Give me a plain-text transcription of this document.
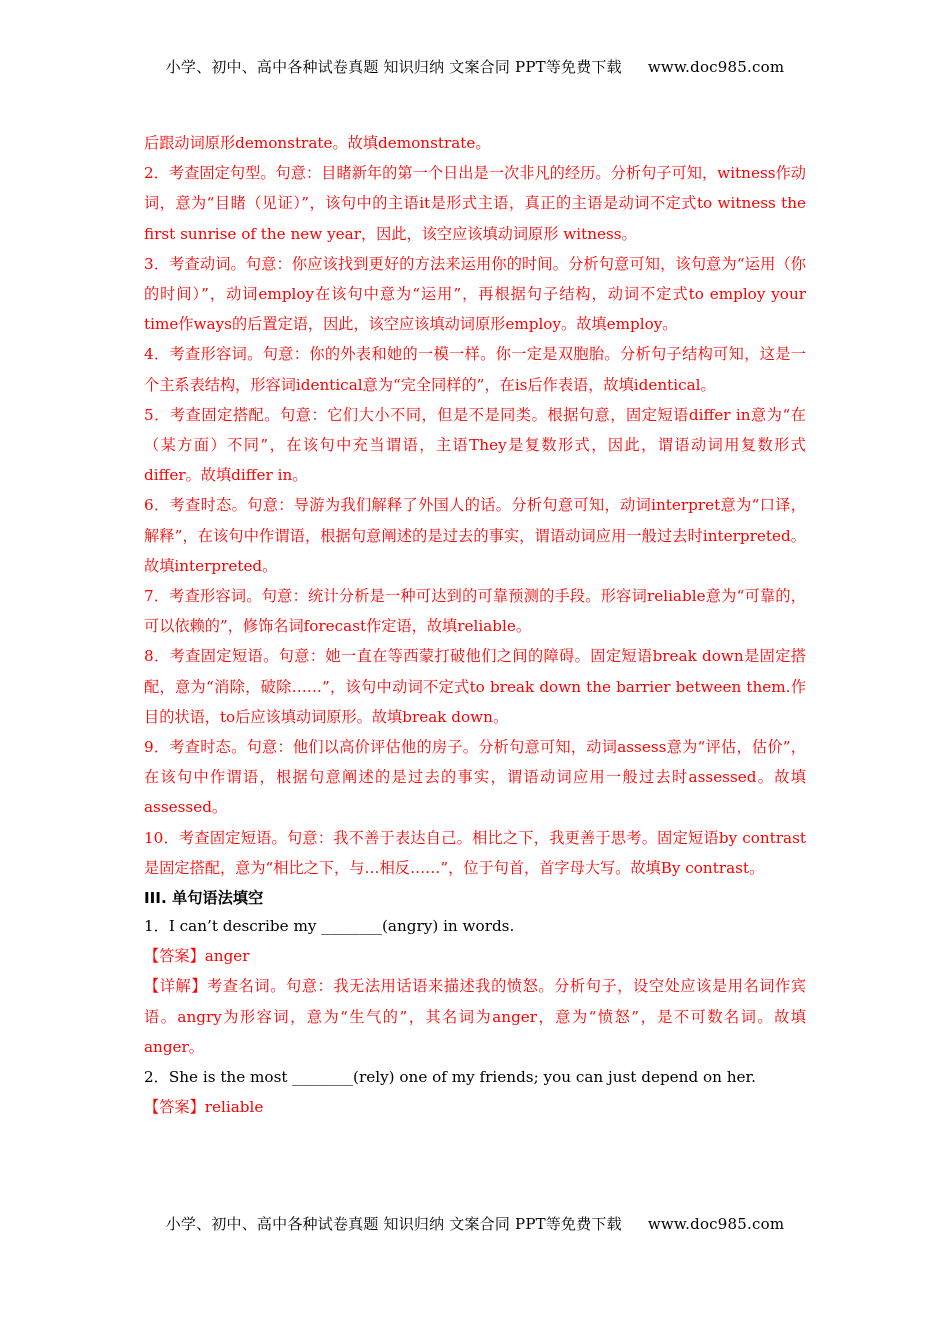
小学、初中、高中各种试卷真题 知识归纳 文案合同 PPT等免费下载 www.doc985.com

后跟动词原形demonstrate。故填demonstrate。

2．考查固定句型。句意：目睹新年的第一个日出是一次非凡的经历。分析句子可知，witness作动词，意为“目睹（见证）”，该句中的主语it是形式主语，真正的主语是动词不定式to witness the first sunrise of the new year，因此，该空应该填动词原形 witness。

3．考查动词。句意：你应该找到更好的方法来运用你的时间。分析句意可知，该句意为“运用（你的时间）”，动词employ在该句中意为“运用”，再根据句子结构，动词不定式to employ your time作ways的后置定语，因此，该空应该填动词原形employ。故填employ。

4．考查形容词。句意：你的外表和她的一模一样。你一定是双胞胎。分析句子结构可知，这是一个主系表结构，形容词identical意为“完全同样的”，在is后作表语，故填identical。

5．考查固定搭配。句意：它们大小不同，但是不是同类。根据句意，固定短语differ in意为“在（某方面）不同”，在该句中充当谓语，主语They是复数形式，因此，谓语动词用复数形式differ。故填differ in。

6．考查时态。句意：导游为我们解释了外国人的话。分析句意可知，动词interpret意为“口译，解释”，在该句中作谓语，根据句意阐述的是过去的事实，谓语动词应用一般过去时interpreted。故填interpreted。

7．考查形容词。句意：统计分析是一种可达到的可靠预测的手段。形容词reliable意为“可靠的，可以依赖的”，修饰名词forecast作定语，故填reliable。

8．考查固定短语。句意：她一直在等西蒙打破他们之间的障碍。固定短语break down是固定搭配，意为“消除，破除……”，该句中动词不定式to break down the barrier between them.作目的状语，to后应该填动词原形。故填break down。

9．考查时态。句意：他们以高价评估他的房子。分析句意可知，动词assess意为“评估，估价”，在该句中作谓语，根据句意阐述的是过去的事实，谓语动词应用一般过去时assessed。故填assessed。

10．考查固定短语。句意：我不善于表达自己。相比之下，我更善于思考。固定短语by contrast是固定搭配，意为“相比之下，与…相反……”，位于句首，首字母大写。故填By contrast。

III. 单句语法填空

1．I can’t describe my ________(angry) in words.

【答案】anger

【详解】考查名词。句意：我无法用话语来描述我的愤怒。分析句子，设空处应该是用名词作宾语。angry为形容词，意为“生气的”，其名词为anger，意为“愤怒”，是不可数名词。故填anger。

2．She is the most ________(rely) one of my friends; you can just depend on her.

【答案】reliable

小学、初中、高中各种试卷真题 知识归纳 文案合同 PPT等免费下载 www.doc985.com
